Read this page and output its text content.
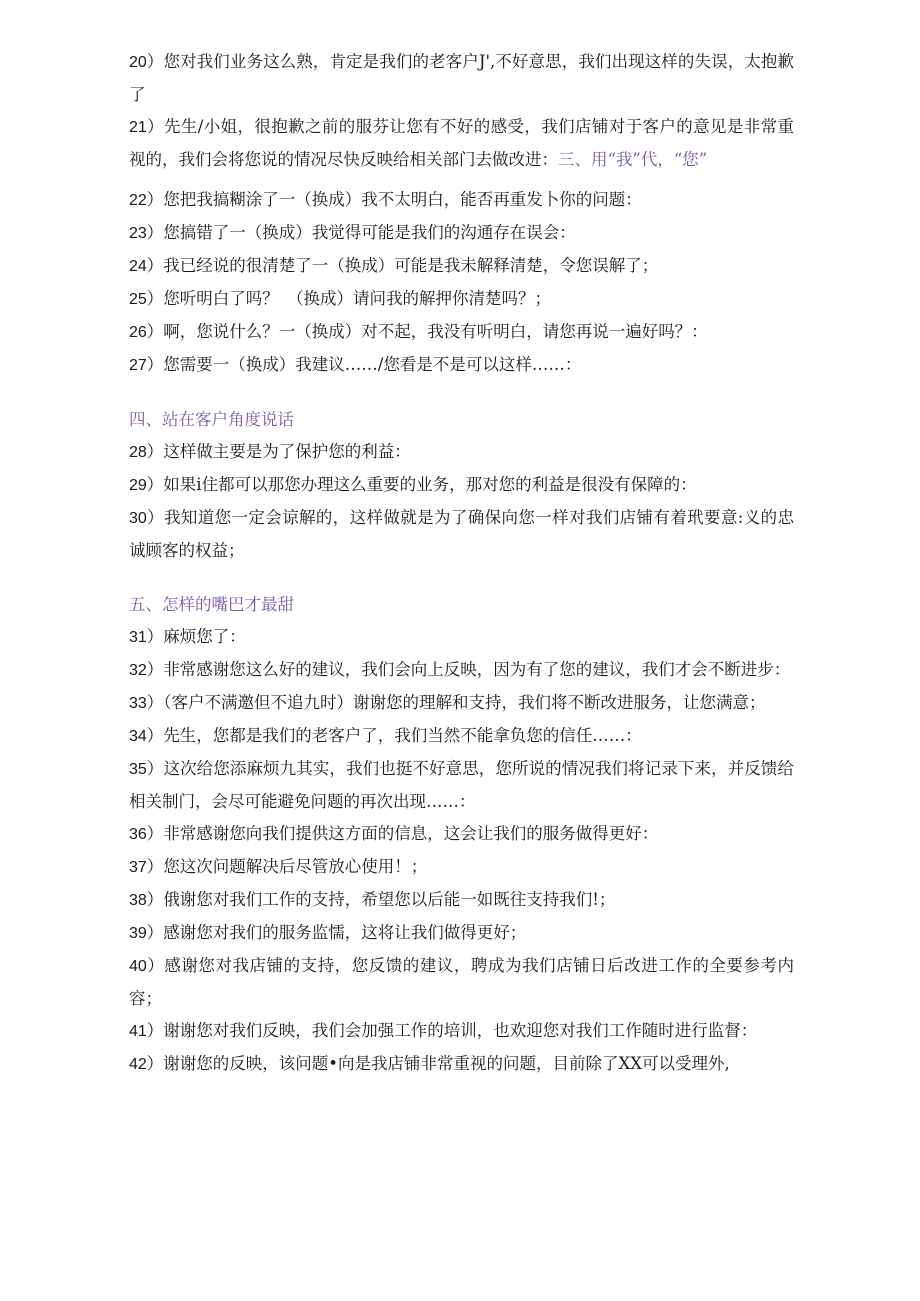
20）您对我们业务这么熟，肯定是我们的老客户J',不好意思，我们出现这样的失误，太抱歉了

21）先生/小姐，很抱歉之前的服芬让您有不好的感受，我们店铺对于客户的意见是非常重视的，我们会将您说的情况尽快反映给相关部门去做改进：三、用“我”代，“您”

22）您把我搞糊涂了一（换成）我不太明白，能否再重发卜你的问题：

23）您搞错了一（换成）我觉得可能是我们的沟通存在误会：

24）我已经说的很清楚了一（换成）可能是我未解释清楚，令您误解了；

25）您听明白了吗？　（换成）请问我的解押你清楚吗？；

26）啊，您说什么？一（换成）对不起，我没有听明白，请您再说一遍好吗？：

27）您需要一（换成）我建议……/您看是不是可以这样……：

四、站在客户角度说话

28）这样做主要是为了保护您的利益：

29）如果i住都可以那您办理这么重要的业务，那对您的利益是很没有保障的：

30）我知道您一定会谅解的，这样做就是为了确保向您一样对我们店铺有着玳要意:义的忠诚顾客的权益；

五、怎样的嘴巴才最甜

31）麻烦您了：

32）非常感谢您这么好的建议，我们会向上反映，因为有了您的建议，我们才会不断进步：

33）（客户不满邀但不追九时）谢谢您的理解和支持，我们将不断改进服务，让您满意；

34）先生，您都是我们的老客户了，我们当然不能拿负您的信任……：

35）这次给您添麻烦九其实，我们也挺不好意思，您所说的情况我们将记录下来，并反馈给相关制门，会尽可能避免问题的再次出现……：

36）非常感谢您向我们提供这方面的信息，这会让我们的服务做得更好：

37）您这次问题解决后尽管放心使用！；

38）俄谢您对我们工作的支持，希望您以后能一如既往支持我们!；

39）感谢您对我们的服务监懦，这将让我们做得更好；

40）感谢您对我店铺的支持，您反馈的建议，聘成为我们店铺日后改进工作的全要参考内容；

41）谢谢您对我们反映，我们会加强工作的培训，也欢迎您对我们工作随时进行监督：

42）谢谢您的反映，该问题•向是我店铺非常重视的问题，目前除了XX可以受理外,
